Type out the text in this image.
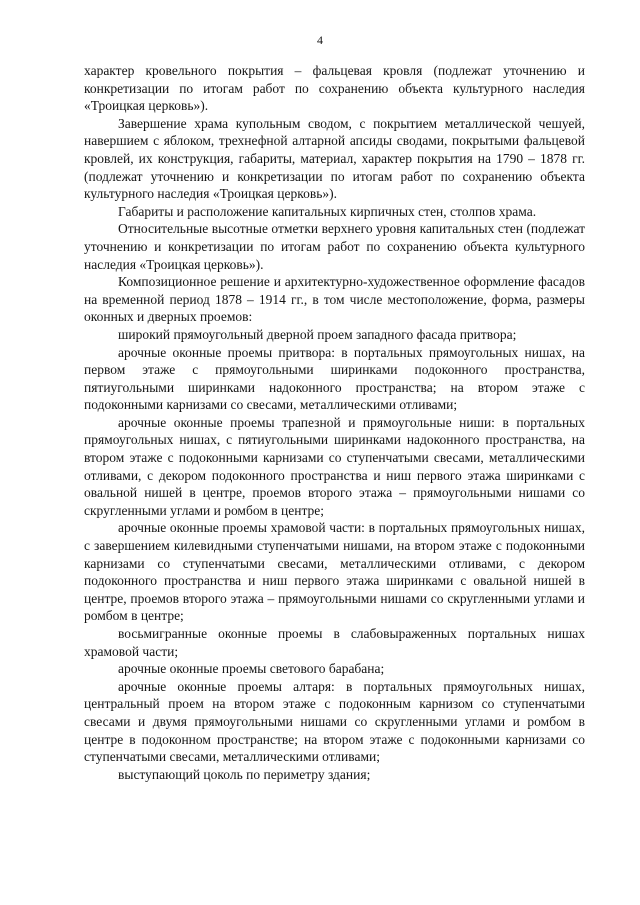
4

характер кровельного покрытия – фальцевая кровля (подлежат уточнению и конкретизации по итогам работ по сохранению объекта культурного наследия «Троицкая церковь»).

Завершение храма купольным сводом, с покрытием металлической чешуей, навершием с яблоком, трехнефной алтарной апсиды сводами, покрытыми фальцевой кровлей, их конструкция, габариты, материал, характер покрытия на 1790 – 1878 гг. (подлежат уточнению и конкретизации по итогам работ по сохранению объекта культурного наследия «Троицкая церковь»).

Габариты и расположение капитальных кирпичных стен, столпов храма.

Относительные высотные отметки верхнего уровня капитальных стен (подлежат уточнению и конкретизации по итогам работ по сохранению объекта культурного наследия «Троицкая церковь»).

Композиционное решение и архитектурно-художественное оформление фасадов на временной период 1878 – 1914 гг., в том числе местоположение, форма, размеры оконных и дверных проемов:

широкий прямоугольный дверной проем западного фасада притвора;

арочные оконные проемы притвора: в портальных прямоугольных нишах, на первом этаже с прямоугольными ширинками подоконного пространства, пятиугольными ширинками надоконного пространства; на втором этаже с подоконными карнизами со свесами, металлическими отливами;

арочные оконные проемы трапезной и прямоугольные ниши: в портальных прямоугольных нишах, с пятиугольными ширинками надоконного пространства, на втором этаже с подоконными карнизами со ступенчатыми свесами, металлическими отливами, с декором подоконного пространства и ниш первого этажа ширинками с овальной нишей в центре, проемов второго этажа – прямоугольными нишами со скругленными углами и ромбом в центре;

арочные оконные проемы храмовой части: в портальных прямоугольных нишах, с завершением килевидными ступенчатыми нишами, на втором этаже с подоконными карнизами со ступенчатыми свесами, металлическими отливами, с декором подоконного пространства и ниш первого этажа ширинками с овальной нишей в центре, проемов второго этажа – прямоугольными нишами со скругленными углами и ромбом в центре;

восьмигранные оконные проемы в слабовыраженных портальных нишах храмовой части;

арочные оконные проемы светового барабана;

арочные оконные проемы алтаря: в портальных прямоугольных нишах, центральный проем на втором этаже с подоконным карнизом со ступенчатыми свесами и двумя прямоугольными нишами со скругленными углами и ромбом в центре в подоконном пространстве; на втором этаже с подоконными карнизами со ступенчатыми свесами, металлическими отливами;

выступающий цоколь по периметру здания;
